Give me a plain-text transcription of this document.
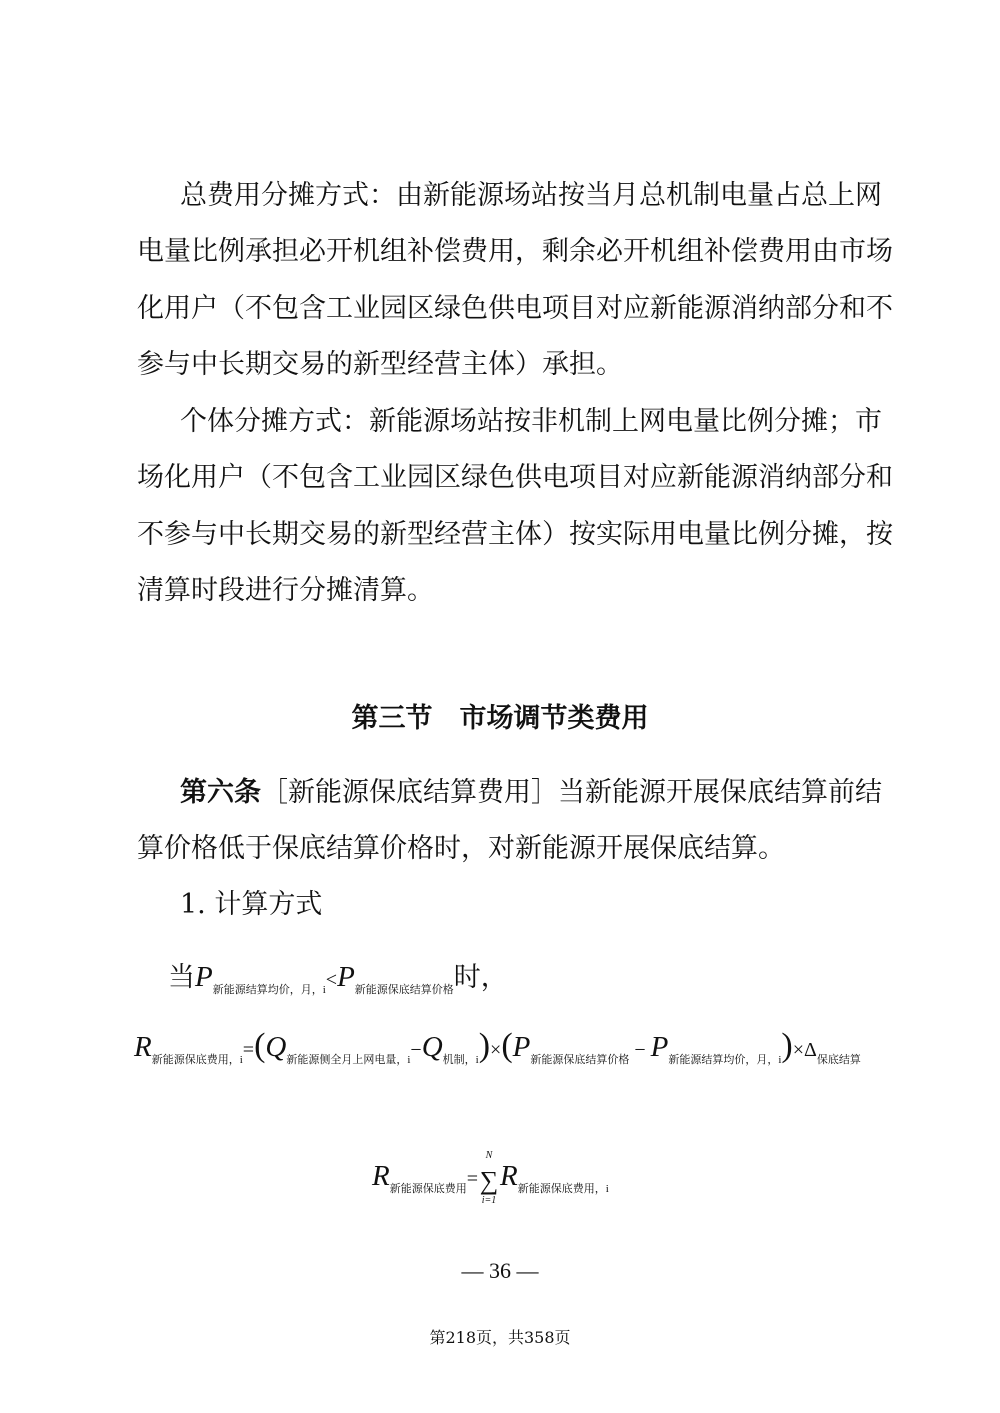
总费用分摊方式：由新能源场站按当月总机制电量占总上网
电量比例承担必开机组补偿费用，剩余必开机组补偿费用由市场
化用户（不包含工业园区绿色供电项目对应新能源消纳部分和不
参与中长期交易的新型经营主体）承担。
个体分摊方式：新能源场站按非机制上网电量比例分摊；市
场化用户（不包含工业园区绿色供电项目对应新能源消纳部分和
不参与中长期交易的新型经营主体）按实际用电量比例分摊，按
清算时段进行分摊清算。
第三节　市场调节类费用
第六条［新能源保底结算费用］当新能源开展保底结算前结
算价格低于保底结算价格时，对新能源开展保底结算。
1. 计算方式
当$P_{新能源结算均价,月,i}<P_{新能源保底结算价格}$时，
$R_{新能源保底费用,i}=(Q_{新能源侧全月上网电量,i}-Q_{机制,i})\times(P_{新能源保底结算价格} - P_{新能源结算均价,月,i})\times\Delta_{保底结算}$
$R_{新能源保底费用}=$
N
∑
i=1
$R_{新能源保底费用,i}$
— 36 —
第218页，共358页
